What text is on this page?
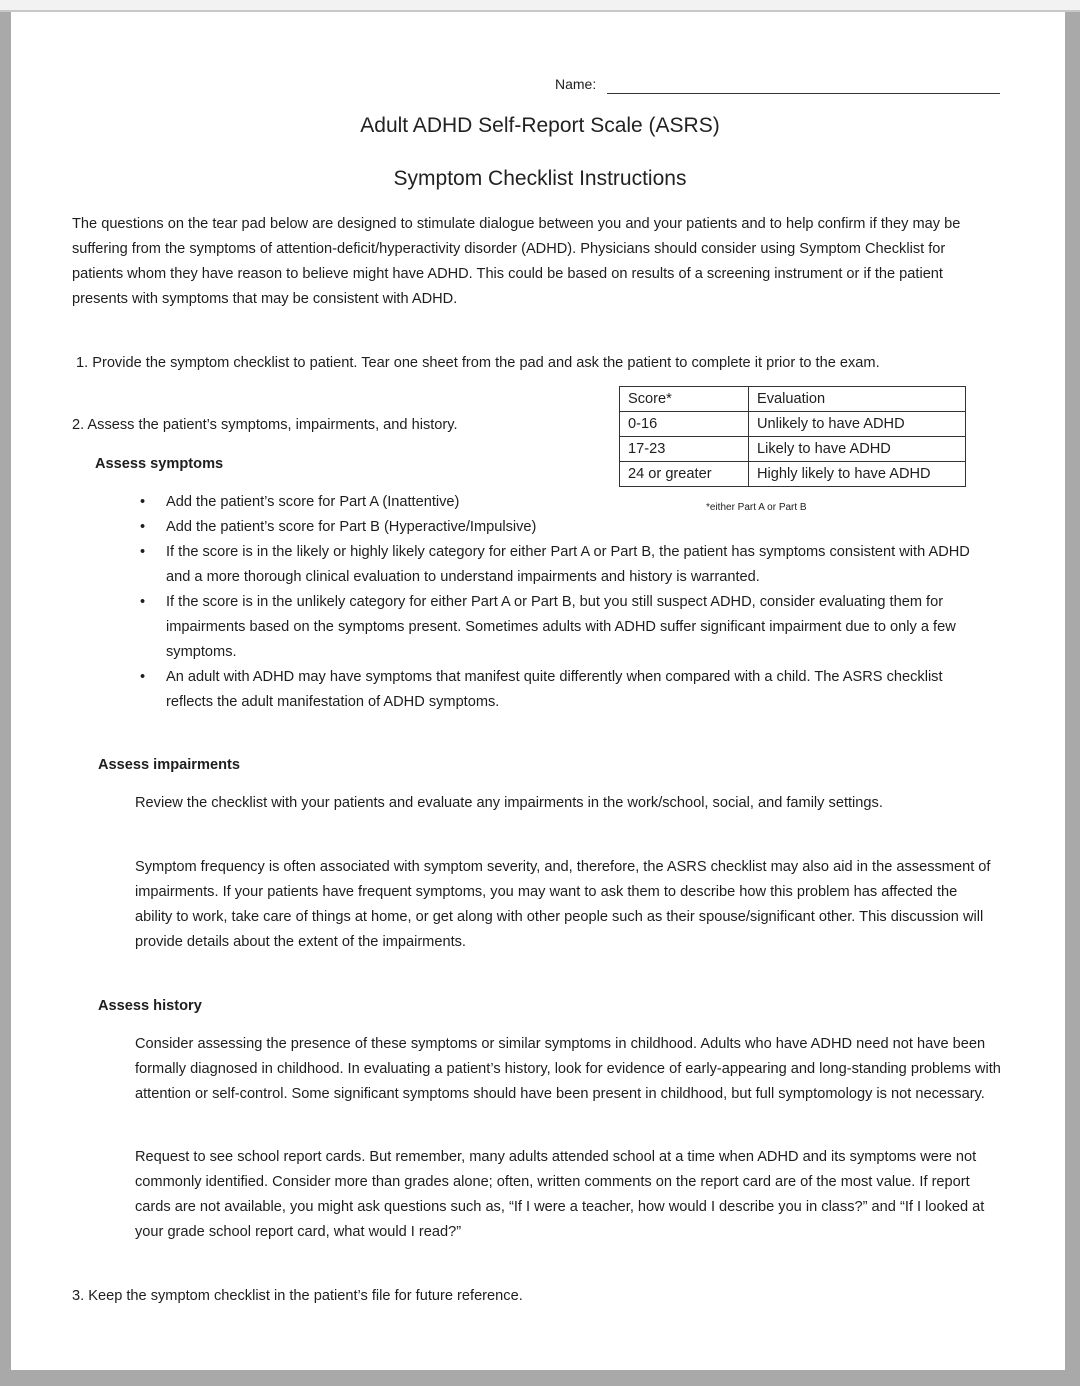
Name:
Adult ADHD Self-Report Scale (ASRS)
Symptom Checklist Instructions

The questions on the tear pad below are designed to stimulate dialogue between you and your patients and to help confirm if they may be suffering from the symptoms of attention-deficit/hyperactivity disorder (ADHD). Physicians should consider using Symptom Checklist for patients whom they have reason to believe might have ADHD. This could be based on results of a screening instrument or if the patient presents with symptoms that may be consistent with ADHD.

1. Provide the symptom checklist to patient. Tear one sheet from the pad and ask the patient to complete it prior to the exam.

2. Assess the patient’s symptoms, impairments, and history.

Score*	Evaluation
0-16	Unlikely to have ADHD
17-23	Likely to have ADHD
24 or greater	Highly likely to have ADHD
*either Part A or Part B
Assess symptoms
• Add the patient’s score for Part A (Inattentive)
• Add the patient’s score for Part B (Hyperactive/Impulsive)
• If the score is in the likely or highly likely category for either Part A or Part B, the patient has symptoms consistent with ADHD and a more thorough clinical evaluation to understand impairments and history is warranted.
• If the score is in the unlikely category for either Part A or Part B, but you still suspect ADHD, consider evaluating them for impairments based on the symptoms present. Sometimes adults with ADHD suffer significant impairment due to only a few symptoms.
• An adult with ADHD may have symptoms that manifest quite differently when compared with a child. The ASRS checklist reflects the adult manifestation of ADHD symptoms.
Assess impairments

Review the checklist with your patients and evaluate any impairments in the work/school, social, and family settings.

Symptom frequency is often associated with symptom severity, and, therefore, the ASRS checklist may also aid in the assessment of impairments. If your patients have frequent symptoms, you may want to ask them to describe how this problem has affected the ability to work, take care of things at home, or get along with other people such as their spouse/significant other. This discussion will provide details about the extent of the impairments.

Assess history

Consider assessing the presence of these symptoms or similar symptoms in childhood. Adults who have ADHD need not have been formally diagnosed in childhood. In evaluating a patient’s history, look for evidence of early-appearing and long-standing problems with attention or self-control. Some significant symptoms should have been present in childhood, but full symptomology is not necessary.

Request to see school report cards. But remember, many adults attended school at a time when ADHD and its symptoms were not commonly identified. Consider more than grades alone; often, written comments on the report card are of the most value. If report cards are not available, you might ask questions such as, “If I were a teacher, how would I describe you in class?” and “If I looked at your grade school report card, what would I read?”

3. Keep the symptom checklist in the patient’s file for future reference.
